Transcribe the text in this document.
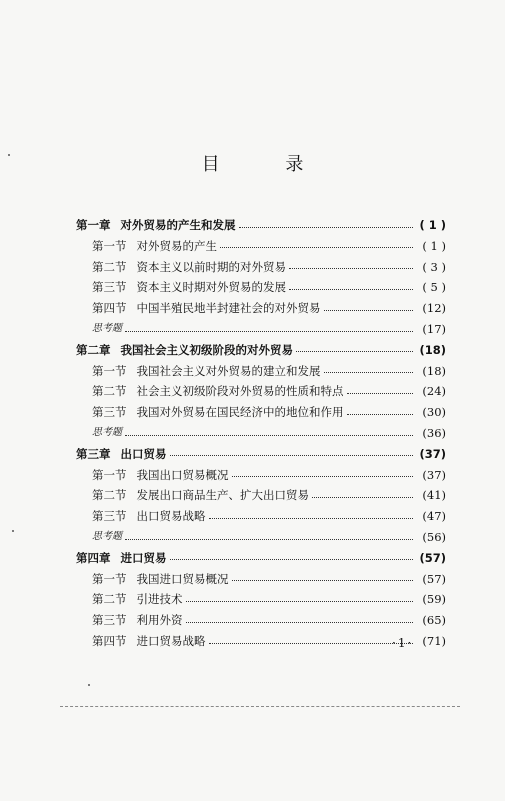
目 录
第一章 对外贸易的产生和发展	( 1 )
第一节 对外贸易的产生	( 1 )
第二节 资本主义以前时期的对外贸易	( 3 )
第三节 资本主义时期对外贸易的发展	( 5 )
第四节 中国半殖民地半封建社会的对外贸易	(12)
思考题	(17)
第二章 我国社会主义初级阶段的对外贸易	(18)
第一节 我国社会主义对外贸易的建立和发展	(18)
第二节 社会主义初级阶段对外贸易的性质和特点	(24)
第三节 我国对外贸易在国民经济中的地位和作用	(30)
思考题	(36)
第三章 出口贸易	(37)
第一节 我国出口贸易概况	(37)
第二节 发展出口商品生产、扩大出口贸易	(41)
第三节 出口贸易战略	(47)
思考题	(56)
第四章 进口贸易	(57)
第一节 我国进口贸易概况	(57)
第二节 引进技术	(59)
第三节 利用外资	(65)
第四节 进口贸易战略	(71)
·1·
